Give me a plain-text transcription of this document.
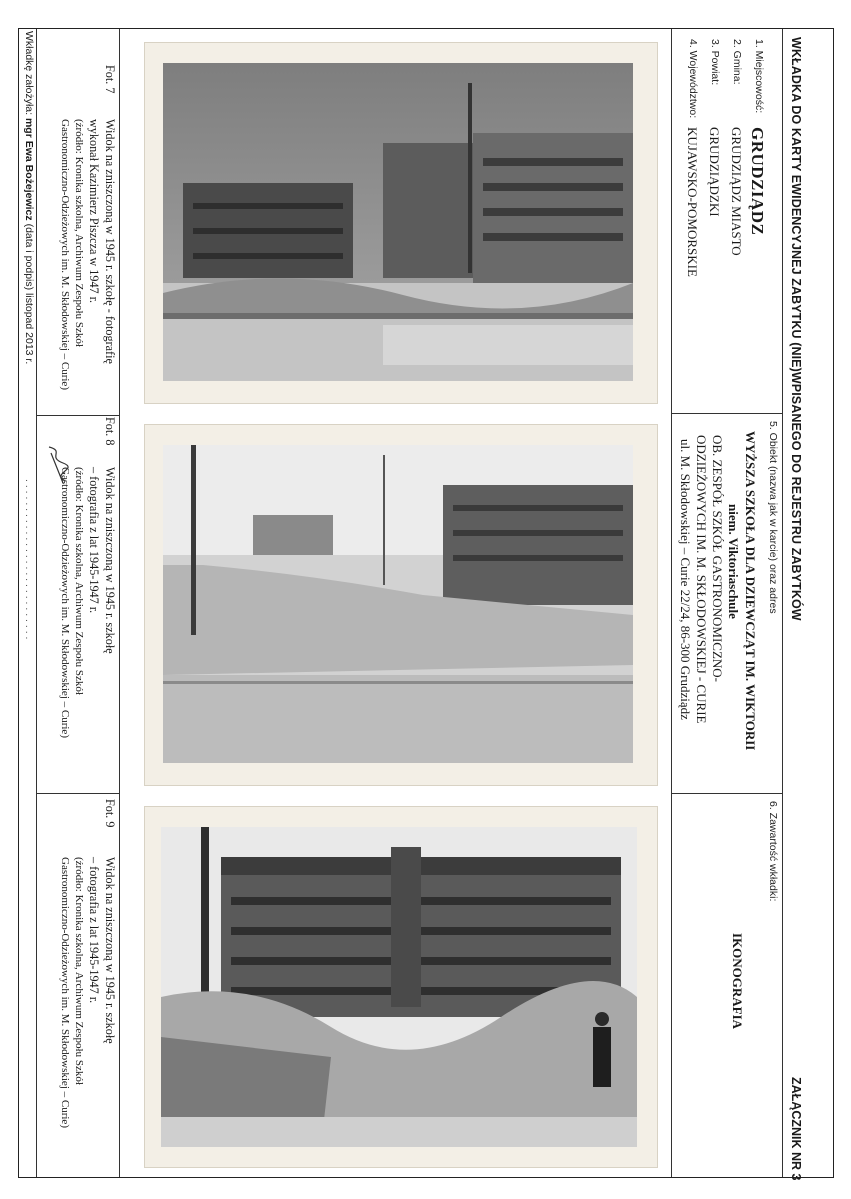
WKŁADKA DO KARTY EWIDENCYJNEJ ZABYTKU (NIE)WPISANEGO DO REJESTRU ZABYTKÓW
ZAŁĄCZNIK NR 3
1. Miejscowość:
GRUDZIĄDZ
2. Gmina:
GRUDZIĄDZ MIASTO
3. Powiat:
GRUDZIĄDZKI
4. Województwo:
KUJAWSKO-POMORSKIE
5. Obiekt (nazwa jak w karcie) oraz adres
WYŻSZA SZKOŁA DLA DZIEWCZĄT IM. WIKTORII
niem. Viktoriaschule
OB. ZESPÓŁ SZKÓŁ GASTRONOMICZNO-
ODZIEŻOWYCH IM. M. SKŁODOWSKIEJ - CURIE
ul. M. Skłodowskiej – Curie 22/24, 86-300 Grudziądz
6. Zawartość wkładki:
IKONOGRAFIA
Fot. 7
Widok na zniszczoną w 1945 r. szkołę - fotografię
wykonał Kazimierz Piszcza w 1947 r.
(źródło: Kronika szkolna, Archiwum Zespołu Szkół
Gastronomiczno-Odzieżowych im. M. Skłodowskiej – Curie)
Fot. 8
Widok na zniszczoną w 1945 r. szkołę
– fotografia z lat 1945-1947 r.
(źródło: Kronika szkolna, Archiwum Zespołu Szkół
Gastronomiczno-Odzieżowych im. M. Skłodowskiej – Curie)
Fot. 9
Widok na zniszczoną w 1945 r. szkołę
– fotografia z lat 1945-1947 r.
(źródło: Kronika szkolna, Archiwum Zespołu Szkół
Gastronomiczno-Odzieżowych im. M. Skłodowskiej – Curie)
Wkładkę założyła: mgr Ewa Bożejewicz (data i podpis) listopad 2013 r.
. . . . . . . . . . . . . . . . . . . . . . . . . . . .
